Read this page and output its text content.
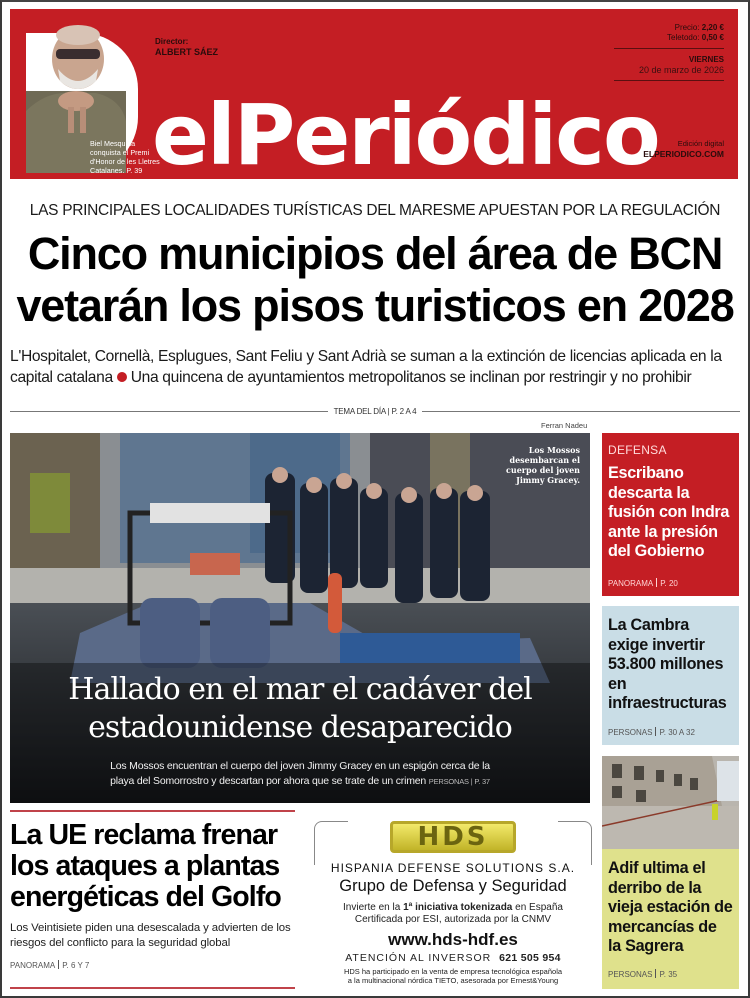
Biel Mesquida conquista el Premi d'Honor de les Lletres Catalanes. P. 39
Director:
ALBERT SÁEZ
elPeriódico
Precio: 2,20 €
Teletodo: 0,50 €
VIERNES
20 de marzo de 2026
Edición digital
ELPERIODICO.COM
LAS PRINCIPALES LOCALIDADES TURÍSTICAS DEL MARESME APUESTAN POR LA REGULACIÓN
Cinco municipios del área de BCN
vetarán los pisos turisticos en 2028
L'Hospitalet, Cornellà, Esplugues, Sant Feliu y Sant Adrià se suman a la extinción de licencias aplicada en la capital catalana Una quincena de ayuntamientos metropolitanos se inclinan por restringir y no prohibir
TEMA DEL DÍA | P. 2 A 4
Ferran Nadeu
Los Mossos desembarcan el cuerpo del joven Jimmy Gracey.
Hallado en el mar el cadáver del
estadounidense desaparecido
Los Mossos encuentran el cuerpo del joven Jimmy Gracey en un espigón cerca de la
playa del Somorrostro y descartan por ahora que se trate de un crimen PERSONAS | P. 37
DEFENSA
Escribano descarta la fusión con Indra ante la presión del Gobierno
PANORAMA P. 20
La Cambra exige invertir 53.800 millones en infraestructuras
PERSONAS P. 30 A 32
Adif ultima el derribo de la vieja estación de mercancías de la Sagrera
PERSONAS P. 35
La UE reclama frenar los ataques a plantas energéticas del Golfo

Los Veintisiete piden una desescalada y advierten de los riesgos del conflicto para la seguridad global

PANORAMA P. 6 Y 7
HDS
HISPANIA DEFENSE SOLUTIONS S.A.
Grupo de Defensa y Seguridad
Invierte en la 1ª iniciativa tokenizada en España
Certificada por ESI, autorizada por la CNMV
www.hds-hdf.es
ATENCIÓN AL INVERSOR 621 505 954
HDS ha participado en la venta de empresa tecnológica española
a la multinacional nórdica TIETO, asesorada por Ernest&Young
